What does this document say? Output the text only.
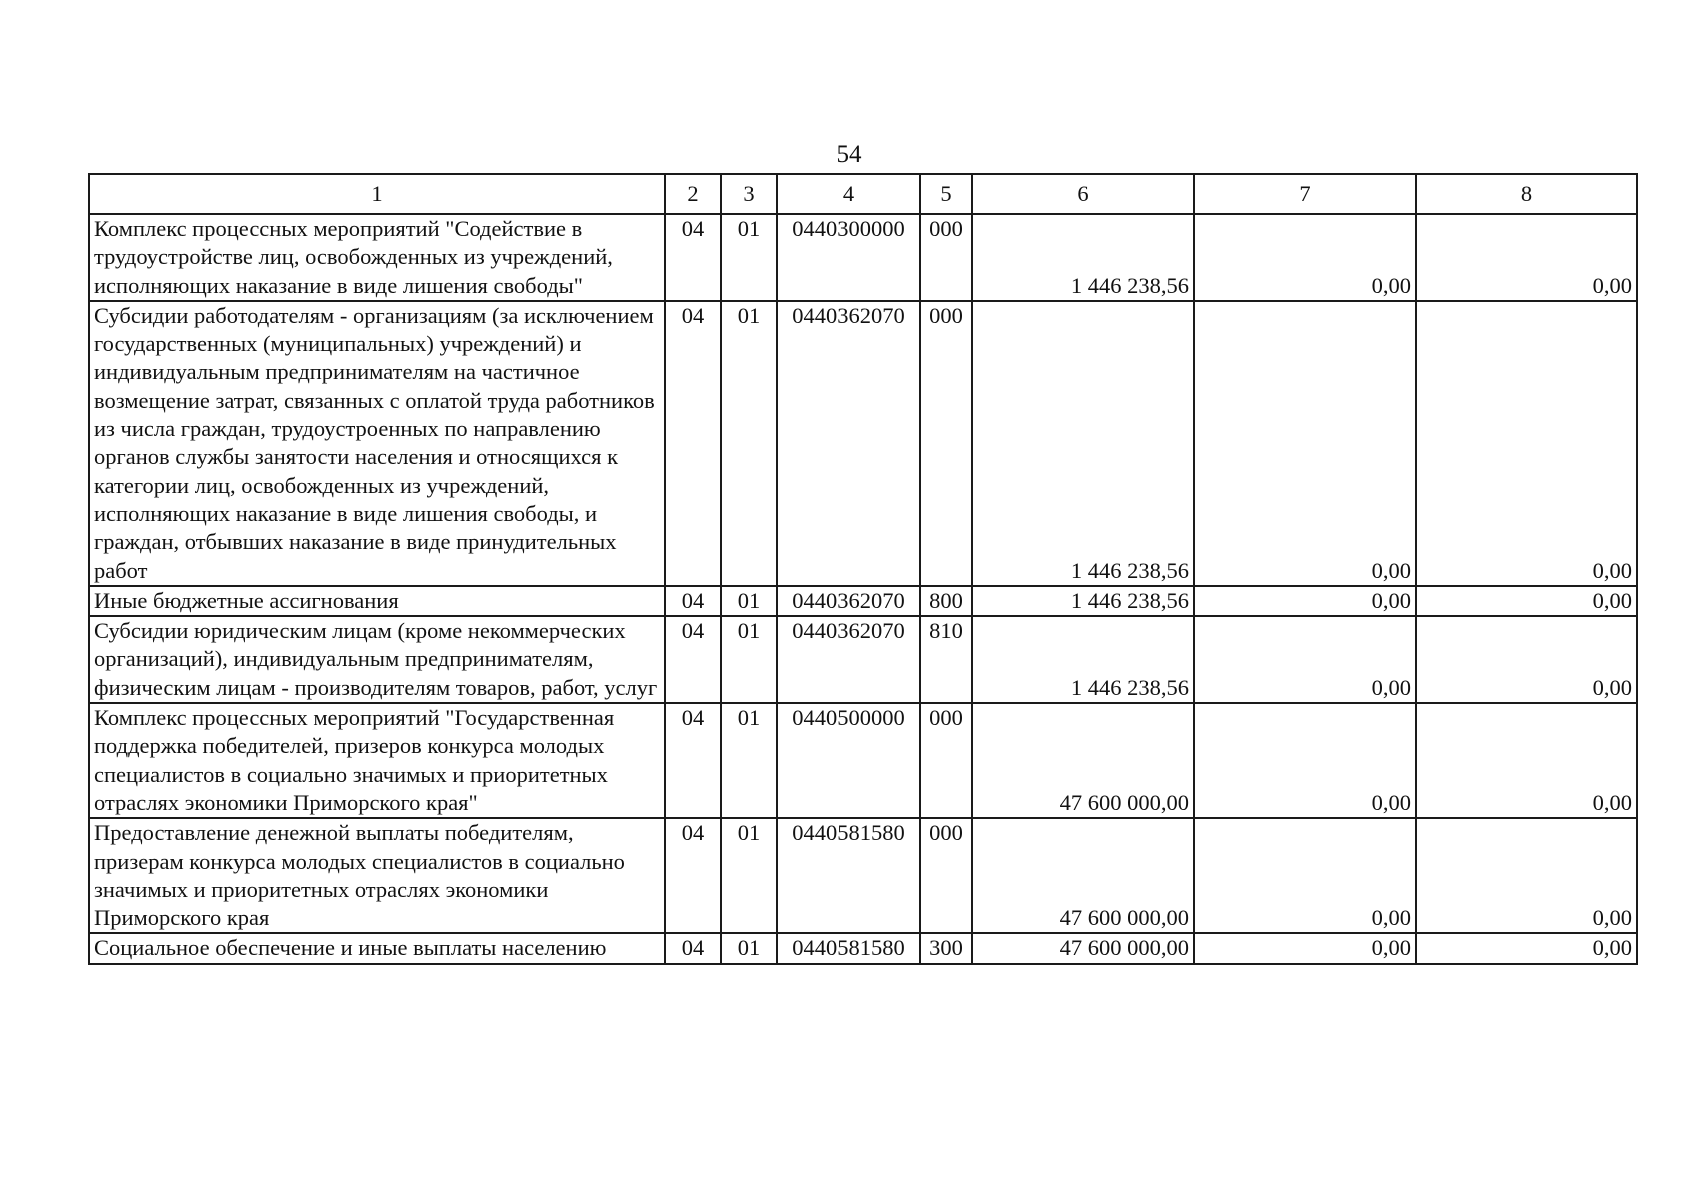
54
1	2	3	4	5	6	7	8
Комплекс процессных мероприятий "Содействие в трудоустройстве лиц, освобожденных из учреждений, исполняющих наказание в виде лишения свободы"	04	01	0440300000	000	1 446 238,56	0,00	0,00
Субсидии работодателям - организациям (за исключением государственных (муниципальных) учреждений) и индивидуальным предпринимателям на частичное возмещение затрат, связанных с оплатой труда работников из числа граждан, трудоустроенных по направлению органов службы занятости населения и относящихся к категории лиц, освобожденных из учреждений, исполняющих наказание в виде лишения свободы, и граждан, отбывших наказание в виде принудительных работ	04	01	0440362070	000	1 446 238,56	0,00	0,00
Иные бюджетные ассигнования	04	01	0440362070	800	1 446 238,56	0,00	0,00
Субсидии юридическим лицам (кроме некоммерческих организаций), индивидуальным предпринимателям, физическим лицам - производителям товаров, работ, услуг	04	01	0440362070	810	1 446 238,56	0,00	0,00
Комплекс процессных мероприятий "Государственная поддержка победителей, призеров конкурса молодых специалистов в социально значимых и приоритетных отраслях экономики Приморского края"	04	01	0440500000	000	47 600 000,00	0,00	0,00
Предоставление денежной выплаты победителям, призерам конкурса молодых специалистов в социально значимых и приоритетных отраслях экономики Приморского края	04	01	0440581580	000	47 600 000,00	0,00	0,00
Социальное обеспечение и иные выплаты населению	04	01	0440581580	300	47 600 000,00	0,00	0,00
